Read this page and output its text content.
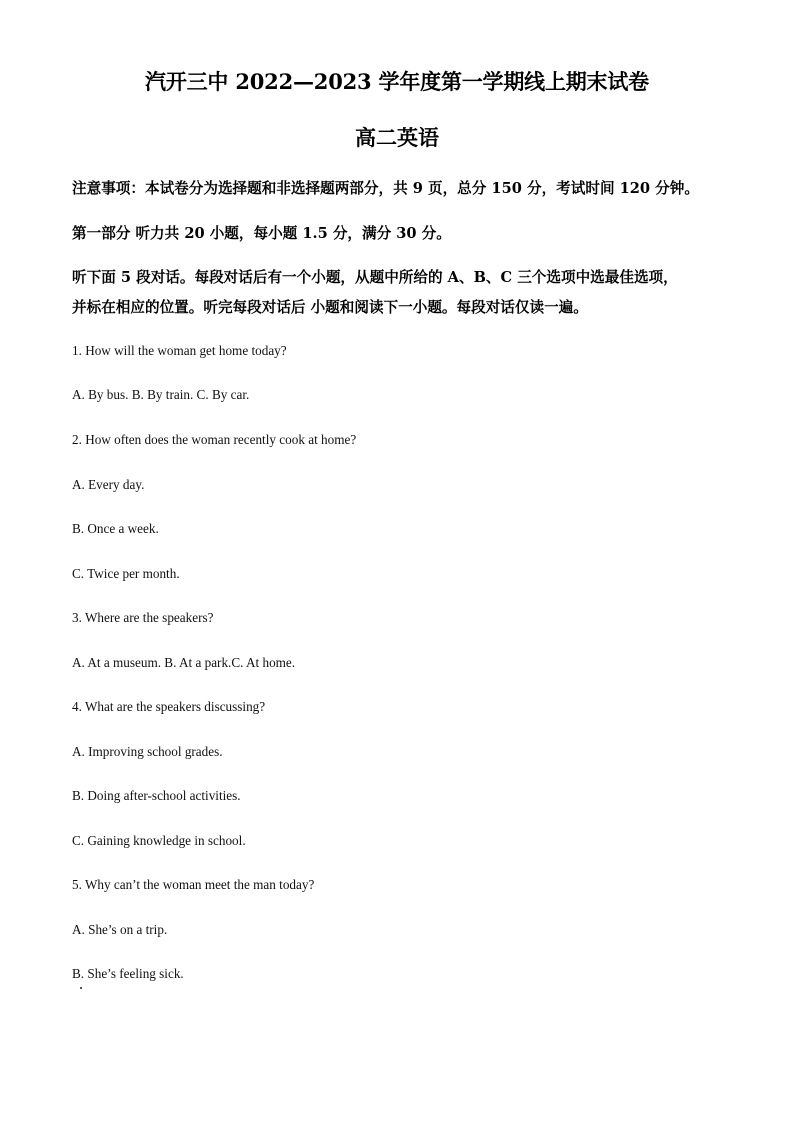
汽开三中 2022—2023 学年度第一学期线上期末试卷
高二英语
注意事项：本试卷分为选择题和非选择题两部分，共 9 页，总分 150 分，考试时间 120 分钟。
第一部分 听力共 20 小题，每小题 1.5 分，满分 30 分。
听下面 5 段对话。每段对话后有一个小题，从题中所给的 A、B、C 三个选项中选最佳选项，
并标在相应的位置。听完每段对话后 小题和阅读下一小题。每段对话仅读一遍。
1. How will the woman get home today?
A. By bus. B. By train. C. By car.
2. How often does the woman recently cook at home?
A. Every day.
B. Once a week.
C. Twice per month.
3. Where are the speakers?
A. At a museum. B. At a park.C. At home.
4. What are the speakers discussing?
A. Improving school grades.
B. Doing after-school activities.
C. Gaining knowledge in school.
5. Why can’t the woman meet the man today?
A. She’s on a trip.
B. She’s feeling sick.
